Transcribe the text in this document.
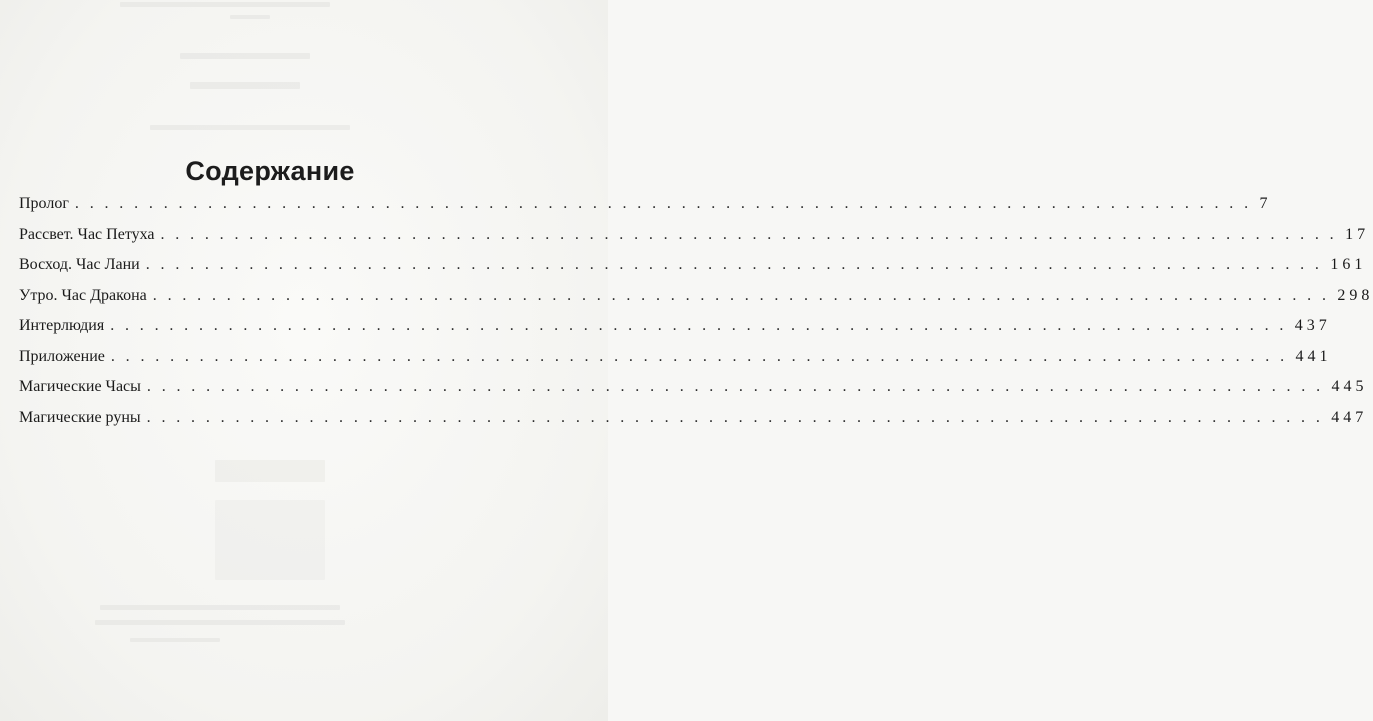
Содержание
Пролог . . . . . . . . . . . . . . . . . . . . . . . . . . . . . . . . . . . . . . . . . . . . . . . . . . . . . . . . . . . . . . . . . . . . . . . . . . . . . . . . 7
Рассвет. Час Петуха . . . . . . . . . . . . . . . . . . . . . . . . . . . . . . . . . . . . . . . . . . . . . . . . . . . . . . . . . . . . . . . . . . . . . . . . . . . . . . . . 17
Восход. Час Лани . . . . . . . . . . . . . . . . . . . . . . . . . . . . . . . . . . . . . . . . . . . . . . . . . . . . . . . . . . . . . . . . . . . . . . . . . . . . . . . . 161
Утро. Час Дракона . . . . . . . . . . . . . . . . . . . . . . . . . . . . . . . . . . . . . . . . . . . . . . . . . . . . . . . . . . . . . . . . . . . . . . . . . . . . . . . . 298
Интерлюдия . . . . . . . . . . . . . . . . . . . . . . . . . . . . . . . . . . . . . . . . . . . . . . . . . . . . . . . . . . . . . . . . . . . . . . . . . . . . . . . . 437
Приложение . . . . . . . . . . . . . . . . . . . . . . . . . . . . . . . . . . . . . . . . . . . . . . . . . . . . . . . . . . . . . . . . . . . . . . . . . . . . . . . . 441
Магические Часы . . . . . . . . . . . . . . . . . . . . . . . . . . . . . . . . . . . . . . . . . . . . . . . . . . . . . . . . . . . . . . . . . . . . . . . . . . . . . . . . 445
Магические руны . . . . . . . . . . . . . . . . . . . . . . . . . . . . . . . . . . . . . . . . . . . . . . . . . . . . . . . . . . . . . . . . . . . . . . . . . . . . . . . . 447
